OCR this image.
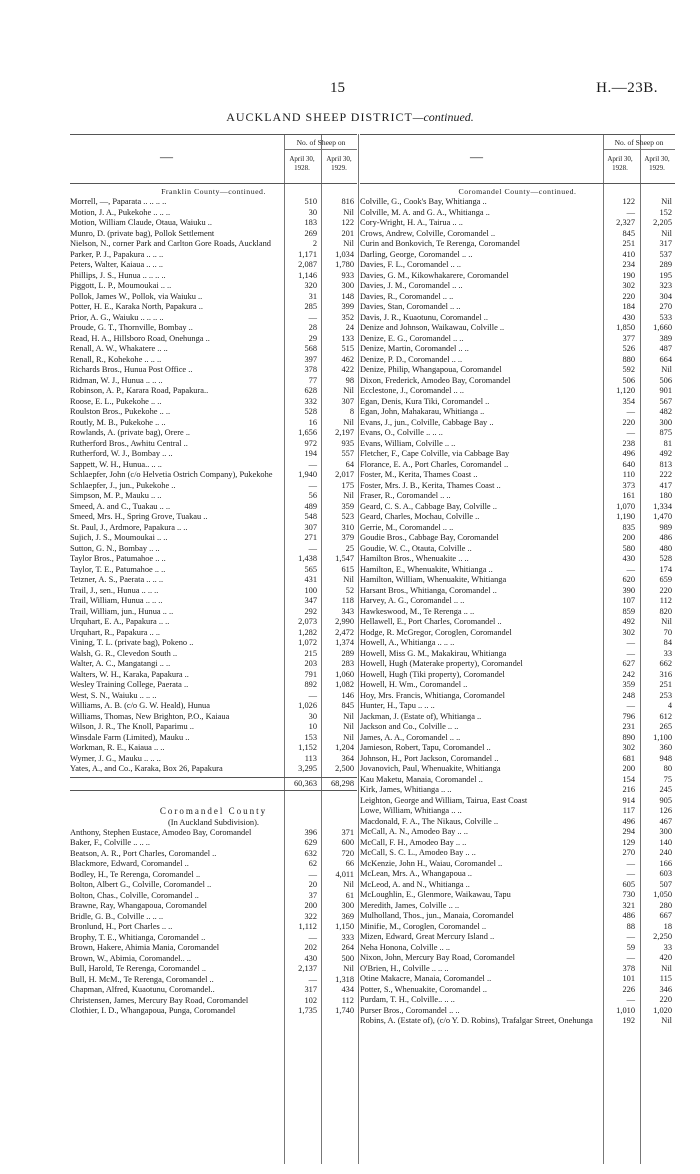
15	H.—23B.
AUCKLAND SHEEP DISTRICT—continued.
—
No. of Sheep on
April 30, 1928.
April 30, 1929.
Franklin County—continued.
Morrell, —, Paparata .. .. .. ..	510	816
Motion, J. A., Pukekohe .. .. ..	30	Nil
Motion, William Claude, Otaua, Waiuku ..	183	122
Munro, D. (private bag), Pollok Settlement	269	201
Nielson, N., corner Park and Carlton Gore Roads, Auckland	2	Nil
Parker, P. J., Papakura .. .. ..	1,171	1,034
Peters, Walter, Kaiaua .. .. ..	2,087	1,780
Phillips, J. S., Hunua .. .. .. ..	1,146	933
Piggott, L. P., Moumoukai .. ..	320	300
Pollok, James W., Pollok, via Waiuku ..	31	148
Potter, H. E., Karaka North, Papakura ..	285	399
Prior, A. G., Waiuku .. .. .. ..	—	352
Proude, G. T., Thornville, Bombay ..	28	24
Read, H. A., Hillsboro Road, Onehunga ..	29	133
Renall, A. W., Whakatere .. ..	568	515
Renall, R., Kohekohe .. .. ..	397	462
Richards Bros., Hunua Post Office ..	378	422
Ridman, W. J., Hunua .. .. ..	77	98
Robinson, A. P., Karara Road, Papakura..	628	Nil
Roose, E. L., Pukekohe .. ..	332	307
Roulston Bros., Pukekohe .. ..	528	8
Routly, M. B., Pukekohe .. ..	16	Nil
Rowlands, A. (private bag), Orere ..	1,656	2,197
Rutherford Bros., Awhitu Central ..	972	935
Rutherford, W. J., Bombay .. ..	194	557
Sappett, W. H., Hunua.. .. ..	—	64
Schlaepfer, John (c/o Helvetia Ostrich Company), Pukekohe	1,940	2,017
Schlaepfer, J., jun., Pukekohe ..	—	175
Simpson, M. P., Mauku .. ..	56	Nil
Smeed, A. and C., Tuakau .. ..	489	359
Smeed, Mrs. H., Spring Grove, Tuakau ..	548	523
St. Paul, J., Ardmore, Papakura .. ..	307	310
Sujich, J. S., Moumoukai .. ..	271	379
Sutton, G. N., Bombay .. ..	—	25
Taylor Bros., Patumahoe .. ..	1,438	1,547
Taylor, T. E., Patumahoe .. ..	565	615
Tetzner, A. S., Paerata .. .. ..	431	Nil
Trail, J., sen., Hunua .. .. ..	100	52
Trail, William, Hunua .. .. ..	347	118
Trail, William, jun., Hunua .. ..	292	343
Urquhart, E. A., Papakura .. ..	2,073	2,990
Urquhart, R., Papakura .. ..	1,282	2,472
Vining, T. L. (private bag), Pokeno ..	1,072	1,374
Walsh, G. R., Clevedon South ..	215	289
Walter, A. C., Mangatangi .. ..	203	283
Walters, W. H., Karaka, Papakura ..	791	1,060
Wesley Training College, Paerata ..	892	1,082
West, S. N., Waiuku .. .. ..	—	146
Williams, A. B. (c/o G. W. Heald), Hunua	1,026	845
Williams, Thomas, New Brighton, P.O., Kaiaua	30	Nil
Wilson, J. R., The Knoll, Paparimu ..	10	Nil
Winsdale Farm (Limited), Mauku ..	153	Nil
Workman, R. E., Kaiaua .. ..	1,152	1,204
Wymer, J. G., Mauku .. .. ..	113	364
Yates, A., and Co., Karaka, Box 26, Papakura	3,295	2,500
60,363	68,298
Coromandel County
(In Auckland Subdivision).
Anthony, Stephen Eustace, Amodeo Bay, Coromandel	396	371
Baker, F., Colville .. .. ..	629	600
Beatson, A. R., Port Charles, Coromandel ..	632	720
Blackmore, Edward, Coromandel ..	62	66
Bodley, H., Te Rerenga, Coromandel ..	—	4,011
Bolton, Albert G., Colville, Coromandel ..	20	Nil
Bolton, Chas., Colville, Coromandel ..	37	61
Brawne, Ray, Whangapoua, Coromandel	200	300
Bridle, G. B., Colville .. .. ..	322	369
Bronlund, H., Port Charles .. ..	1,112	1,150
Brophy, T. E., Whitianga, Coromandel ..	—	333
Brown, Hakere, Ahimia Mania, Coromandel	202	264
Brown, W., Abimia, Coromandel.. ..	430	500
Bull, Harold, Te Rerenga, Coromandel ..	2,137	Nil
Bull, H. McM., Te Rerenga, Coromandel ..	—	1,318
Chapman, Alfred, Kuaotunu, Coromandel..	317	434
Christensen, James, Mercury Bay Road, Coromandel	102	112
Clothier, I. D., Whangapoua, Punga, Coromandel	1,735	1,740
—
No. of Sheep on
April 30, 1928.
April 30, 1929.
Coromandel County—continued.
Colville, G., Cook's Bay, Whitianga ..	122	Nil
Colville, M. A. and G. A., Whitianga ..	—	152
Cory-Wright, H. A., Tairua .. ..	2,327	2,205
Crows, Andrew, Colville, Coromandel ..	845	Nil
Curin and Bonkovich, Te Rerenga, Coromandel	251	317
Darling, George, Coromandel .. ..	410	537
Davies, F. L., Coromandel .. ..	234	289
Davies, G. M., Kikowhakarere, Coromandel	190	195
Davies, J. M., Coromandel .. ..	302	323
Davies, R., Coromandel .. ..	220	304
Davies, Stan, Coromandel .. ..	184	270
Davis, J. R., Kuaotunu, Coromandel ..	430	533
Denize and Johnson, Waikawau, Colville ..	1,850	1,660
Denize, E. G., Coromandel .. ..	377	389
Denize, Martin, Coromandel .. ..	526	487
Denize, P. D., Coromandel .. ..	880	664
Denize, Philip, Whangapoua, Coromandel	592	Nil
Dixon, Frederick, Amodeo Bay, Coromandel	506	506
Ecclestone, J., Coromandel .. ..	1,120	901
Egan, Denis, Kura Tiki, Coromandel ..	354	567
Egan, John, Mahakarau, Whitianga ..	—	482
Evans, J., jun., Colville, Cabbage Bay ..	220	300
Evans, O., Colville .. .. ..	—	875
Evans, William, Colville .. ..	238	81
Fletcher, F., Cape Colville, via Cabbage Bay	496	492
Florance, E. A., Port Charles, Coromandel ..	640	813
Foster, M., Kerita, Thames Coast ..	110	222
Foster, Mrs. J. B., Kerita, Thames Coast ..	373	417
Fraser, R., Coromandel .. ..	161	180
Geard, C. S. A., Cabbage Bay, Colville ..	1,070	1,334
Geard, Charles, Mochau, Colville ..	1,190	1,470
Gerrie, M., Coromandel .. ..	835	989
Goudie Bros., Cabbage Bay, Coromandel	200	486
Goudie, W. C., Otauta, Colville ..	580	480
Hamilton Bros., Whenuakite .. ..	430	528
Hamilton, E., Whenuakite, Whitianga ..	—	174
Hamilton, William, Whenuakite, Whitianga	620	659
Harsant Bros., Whitianga, Coromandel ..	390	220
Harvey, A. G., Coromandel .. ..	107	112
Hawkeswood, M., Te Rerenga .. ..	859	820
Hellawell, E., Port Charles, Coromandel ..	492	Nil
Hodge, R. McGregor, Coroglen, Coromandel	302	70
Howell, A., Whitianga .. .. ..	—	84
Howell, Miss G. M., Makakirau, Whitianga	—	33
Howell, Hugh (Materake property), Coromandel	627	662
Howell, Hugh (Tiki property), Coromandel	242	316
Howell, H. Wm., Coromandel ..	359	251
Hoy, Mrs. Francis, Whitianga, Coromandel	248	253
Hunter, H., Tapu .. .. ..	—	4
Jackman, J. (Estate of), Whitianga ..	796	612
Jackson and Co., Colville .. ..	231	265
James, A. A., Coromandel .. ..	890	1,100
Jamieson, Robert, Tapu, Coromandel ..	302	360
Johnson, H., Port Jackson, Coromandel ..	681	948
Jovanovich, Paul, Whenuakite, Whitianga	200	80
Kau Maketu, Manaia, Coromandel ..	154	75
Kirk, James, Whitianga .. ..	216	245
Leighton, George and William, Tairua, East Coast	914	905
Lowe, William, Whitianga .. ..	117	126
Macdonald, F. A., The Nikaus, Colville ..	496	467
McCall, A. N., Amodeo Bay .. ..	294	300
McCall, F. H., Amodeo Bay .. ..	129	140
McCall, S. C. L., Amodeo Bay .. ..	270	240
McKenzie, John H., Waiau, Coromandel ..	—	166
McLean, Mrs. A., Whangapoua ..	—	603
McLeod, A. and N., Whitianga ..	605	507
McLoughlin, E., Glenmore, Waikawau, Tapu	730	1,050
Meredith, James, Colville .. ..	321	280
Mulholland, Thos., jun., Manaia, Coromandel	486	667
Minifie, M., Coroglen, Coromandel ..	88	18
Mizen, Edward, Great Mercury Island ..	—	2,250
Neha Honona, Colville .. ..	59	33
Nixon, John, Mercury Bay Road, Coromandel	—	420
O'Brien, H., Colville .. .. ..	378	Nil
Otine Makacre, Manaia, Coromandel ..	101	115
Potter, S., Whenuakite, Coromandel ..	226	346
Purdam, T. H., Colville.. .. ..	—	220
Purser Bros., Coromandel .. ..	1,010	1,020
Robins, A. (Estate of), (c/o Y. D. Robins), Trafalgar Street, Onehunga	192	Nil
